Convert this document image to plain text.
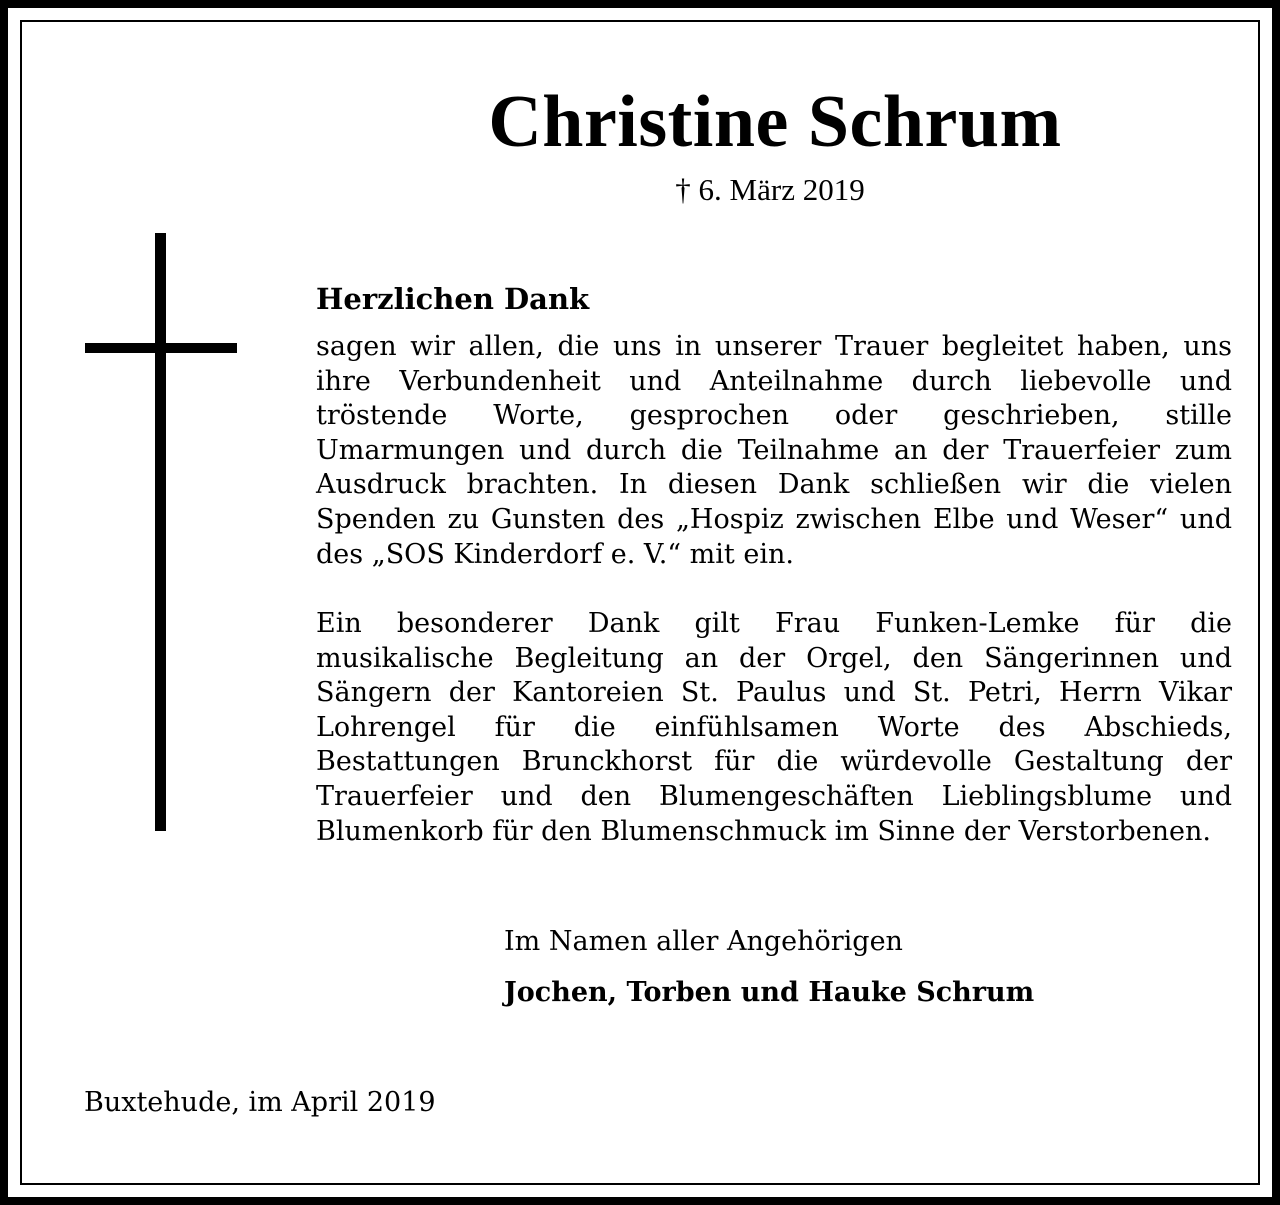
Christine Schrum
† 6. März 2019
Herzlichen Dank
sagen wir allen, die uns in unserer Trauer begleitet haben, uns ihre Verbundenheit und Anteilnahme durch liebevolle und tröstende Worte, gesprochen oder geschrieben, stille Umarmungen und durch die Teilnahme an der Trauerfeier zum Ausdruck brachten. In diesen Dank schließen wir die vielen Spenden zu Gunsten des „Hospiz zwischen Elbe und Weser“ und des „SOS Kinderdorf e. V.“ mit ein.
Ein besonderer Dank gilt Frau Funken-Lemke für die musikalische Begleitung an der Orgel, den Sängerinnen und Sängern der Kantoreien St. Paulus und St. Petri, Herrn Vikar Lohrengel für die einfühlsamen Worte des Abschieds, Bestattungen Brunckhorst für die würdevolle Gestaltung der Trauerfeier und den Blumengeschäften Lieblingsblume und Blumenkorb für den Blumenschmuck im Sinne der Verstorbenen.
Im Namen aller Angehörigen
Jochen, Torben und Hauke Schrum
Buxtehude, im April 2019
